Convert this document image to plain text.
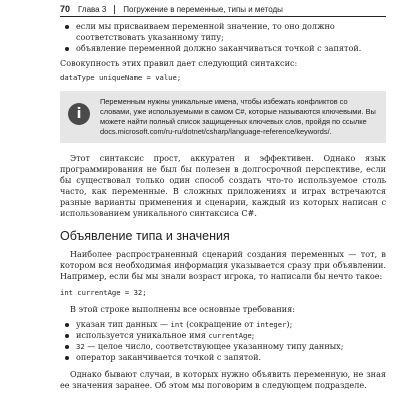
70 Глава 3 Погружение в переменные, типы и методы
если мы присваиваем переменной значение, то оно должно соответствовать указанному типу;
объявление переменной должно заканчиваться точкой с запятой.

Совокупность этих правил дает следующий синтаксис:

dataType uniqueName = value;
i
Переменным нужны уникальные имена, чтобы избежать конфликтов со словами, уже используемыми в самом C#, которые называются ключевыми. Вы можете найти полный список защищенных ключевых слов, пройдя по ссылке docs.microsoft.com/ru-ru/dotnet/csharp/language-reference/keywords/.

Этот синтаксис прост, аккуратен и эффективен. Однако язык программирования не был бы полезен в долгосрочной перспективе, если бы существовал только один способ создать что-то используемое столь часто, как переменные. В сложных приложениях и играх встречаются разные варианты применения и сценарии, каждый из которых написан с использованием уникального синтаксиса C#.

Объявление типа и значения

Наиболее распространенный сценарий создания переменных — тот, в котором вся необходимая информация указывается сразу при объявлении. Например, если бы мы знали возраст игрока, то написали бы нечто такое:

int currentAge = 32;

В этой строке выполнены все основные требования:

указан тип данных — int (сокращение от integer);
используется уникальное имя currentAge;
32 — целое число, соответствующее указанному типу данных;
оператор заканчивается точкой с запятой.

Однако бывают случаи, в которых нужно объявить переменную, не зная ее значения заранее. Об этом мы поговорим в следующем подразделе.
